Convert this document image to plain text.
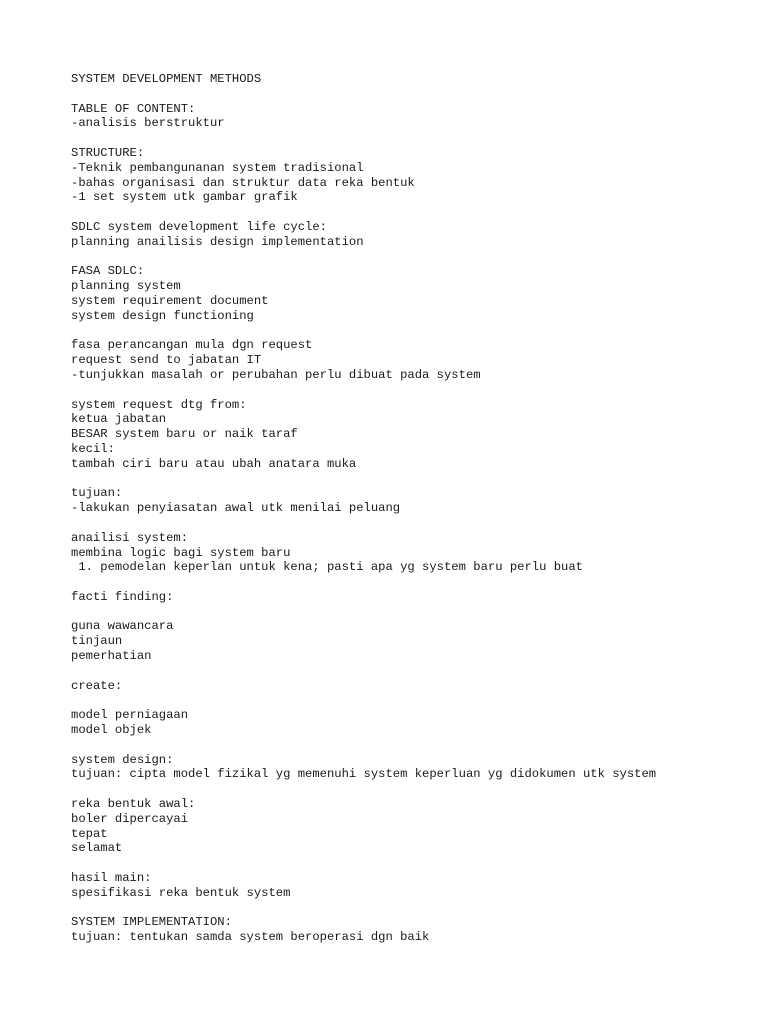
SYSTEM DEVELOPMENT METHODS
TABLE OF CONTENT:
-analisis berstruktur
STRUCTURE:
-Teknik pembangunanan system tradisional
-bahas organisasi dan struktur data reka bentuk
-1 set system utk gambar grafik
SDLC system development life cycle:
planning anailisis design implementation
FASA SDLC:
planning system
system requirement document
system design functioning
fasa perancangan mula dgn request
request send to jabatan IT
-tunjukkan masalah or perubahan perlu dibuat pada system
system request dtg from:
ketua jabatan
BESAR system baru or naik taraf
kecil:
tambah ciri baru atau ubah anatara muka
tujuan:
-lakukan penyiasatan awal utk menilai peluang
anailisi system:
membina logic bagi system baru
1. pemodelan keperlan untuk kena; pasti apa yg system baru perlu buat
facti finding:
guna wawancara
tinjaun
pemerhatian
create:
model perniagaan
model objek
system design:
tujuan: cipta model fizikal yg memenuhi system keperluan yg didokumen utk system
reka bentuk awal:
boler dipercayai
tepat
selamat
hasil main:
spesifikasi reka bentuk system
SYSTEM IMPLEMENTATION:
tujuan: tentukan samda system beroperasi dgn baik
